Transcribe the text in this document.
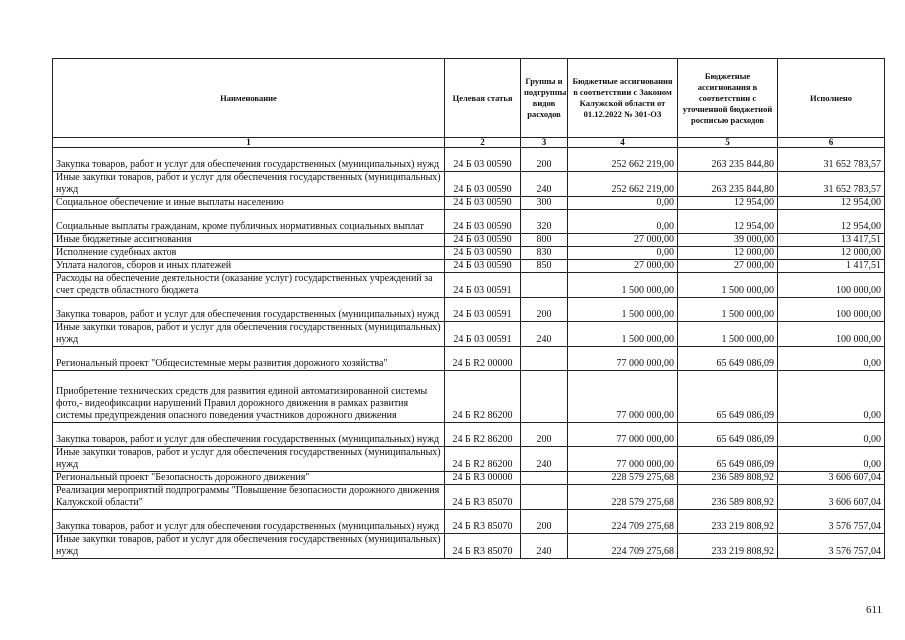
Наименование	Целевая статья	Группы и подгруппы видов расходов	Бюджетные ассигнования в соответствии с Законом Калужской области от 01.12.2022 № 301-ОЗ	Бюджетные ассигнования в соответствии с уточненной бюджетной росписью расходов	Исполнено
1	2	3	4	5	6
Закупка товаров, работ и услуг для обеспечения государственных (муниципальных) нужд	24 Б 03 00590	200	252 662 219,00	263 235 844,80	31 652 783,57
Иные закупки товаров, работ и услуг для обеспечения государственных (муниципальных) нужд	24 Б 03 00590	240	252 662 219,00	263 235 844,80	31 652 783,57
Социальное обеспечение и иные выплаты населению	24 Б 03 00590	300	0,00	12 954,00	12 954,00
Социальные выплаты гражданам, кроме публичных нормативных социальных выплат	24 Б 03 00590	320	0,00	12 954,00	12 954,00
Иные бюджетные ассигнования	24 Б 03 00590	800	27 000,00	39 000,00	13 417,51
Исполнение судебных актов	24 Б 03 00590	830	0,00	12 000,00	12 000,00
Уплата налогов, сборов и иных платежей	24 Б 03 00590	850	27 000,00	27 000,00	1 417,51
Расходы на обеспечение деятельности (оказание услуг) государственных учреждений за счет средств областного бюджета	24 Б 03 00591		1 500 000,00	1 500 000,00	100 000,00
Закупка товаров, работ и услуг для обеспечения государственных (муниципальных) нужд	24 Б 03 00591	200	1 500 000,00	1 500 000,00	100 000,00
Иные закупки товаров, работ и услуг для обеспечения государственных (муниципальных) нужд	24 Б 03 00591	240	1 500 000,00	1 500 000,00	100 000,00
Региональный проект "Общесистемные меры развития дорожного хозяйства"	24 Б R2 00000		77 000 000,00	65 649 086,09	0,00
Приобретение технических средств для развития единой автоматизированной системы фото,- видеофиксации нарушений Правил дорожного движения в рамках развития системы предупреждения опасного поведения участников дорожного движения	24 Б R2 86200		77 000 000,00	65 649 086,09	0,00
Закупка товаров, работ и услуг для обеспечения государственных (муниципальных) нужд	24 Б R2 86200	200	77 000 000,00	65 649 086,09	0,00
Иные закупки товаров, работ и услуг для обеспечения государственных (муниципальных) нужд	24 Б R2 86200	240	77 000 000,00	65 649 086,09	0,00
Региональный проект "Безопасность дорожного движения"	24 Б R3 00000		228 579 275,68	236 589 808,92	3 606 607,04
Реализация мероприятий подпрограммы "Повышение безопасности дорожного движения Калужской области"	24 Б R3 85070		228 579 275,68	236 589 808,92	3 606 607,04
Закупка товаров, работ и услуг для обеспечения государственных (муниципальных) нужд	24 Б R3 85070	200	224 709 275,68	233 219 808,92	3 576 757,04
Иные закупки товаров, работ и услуг для обеспечения государственных (муниципальных) нужд	24 Б R3 85070	240	224 709 275,68	233 219 808,92	3 576 757,04
611
